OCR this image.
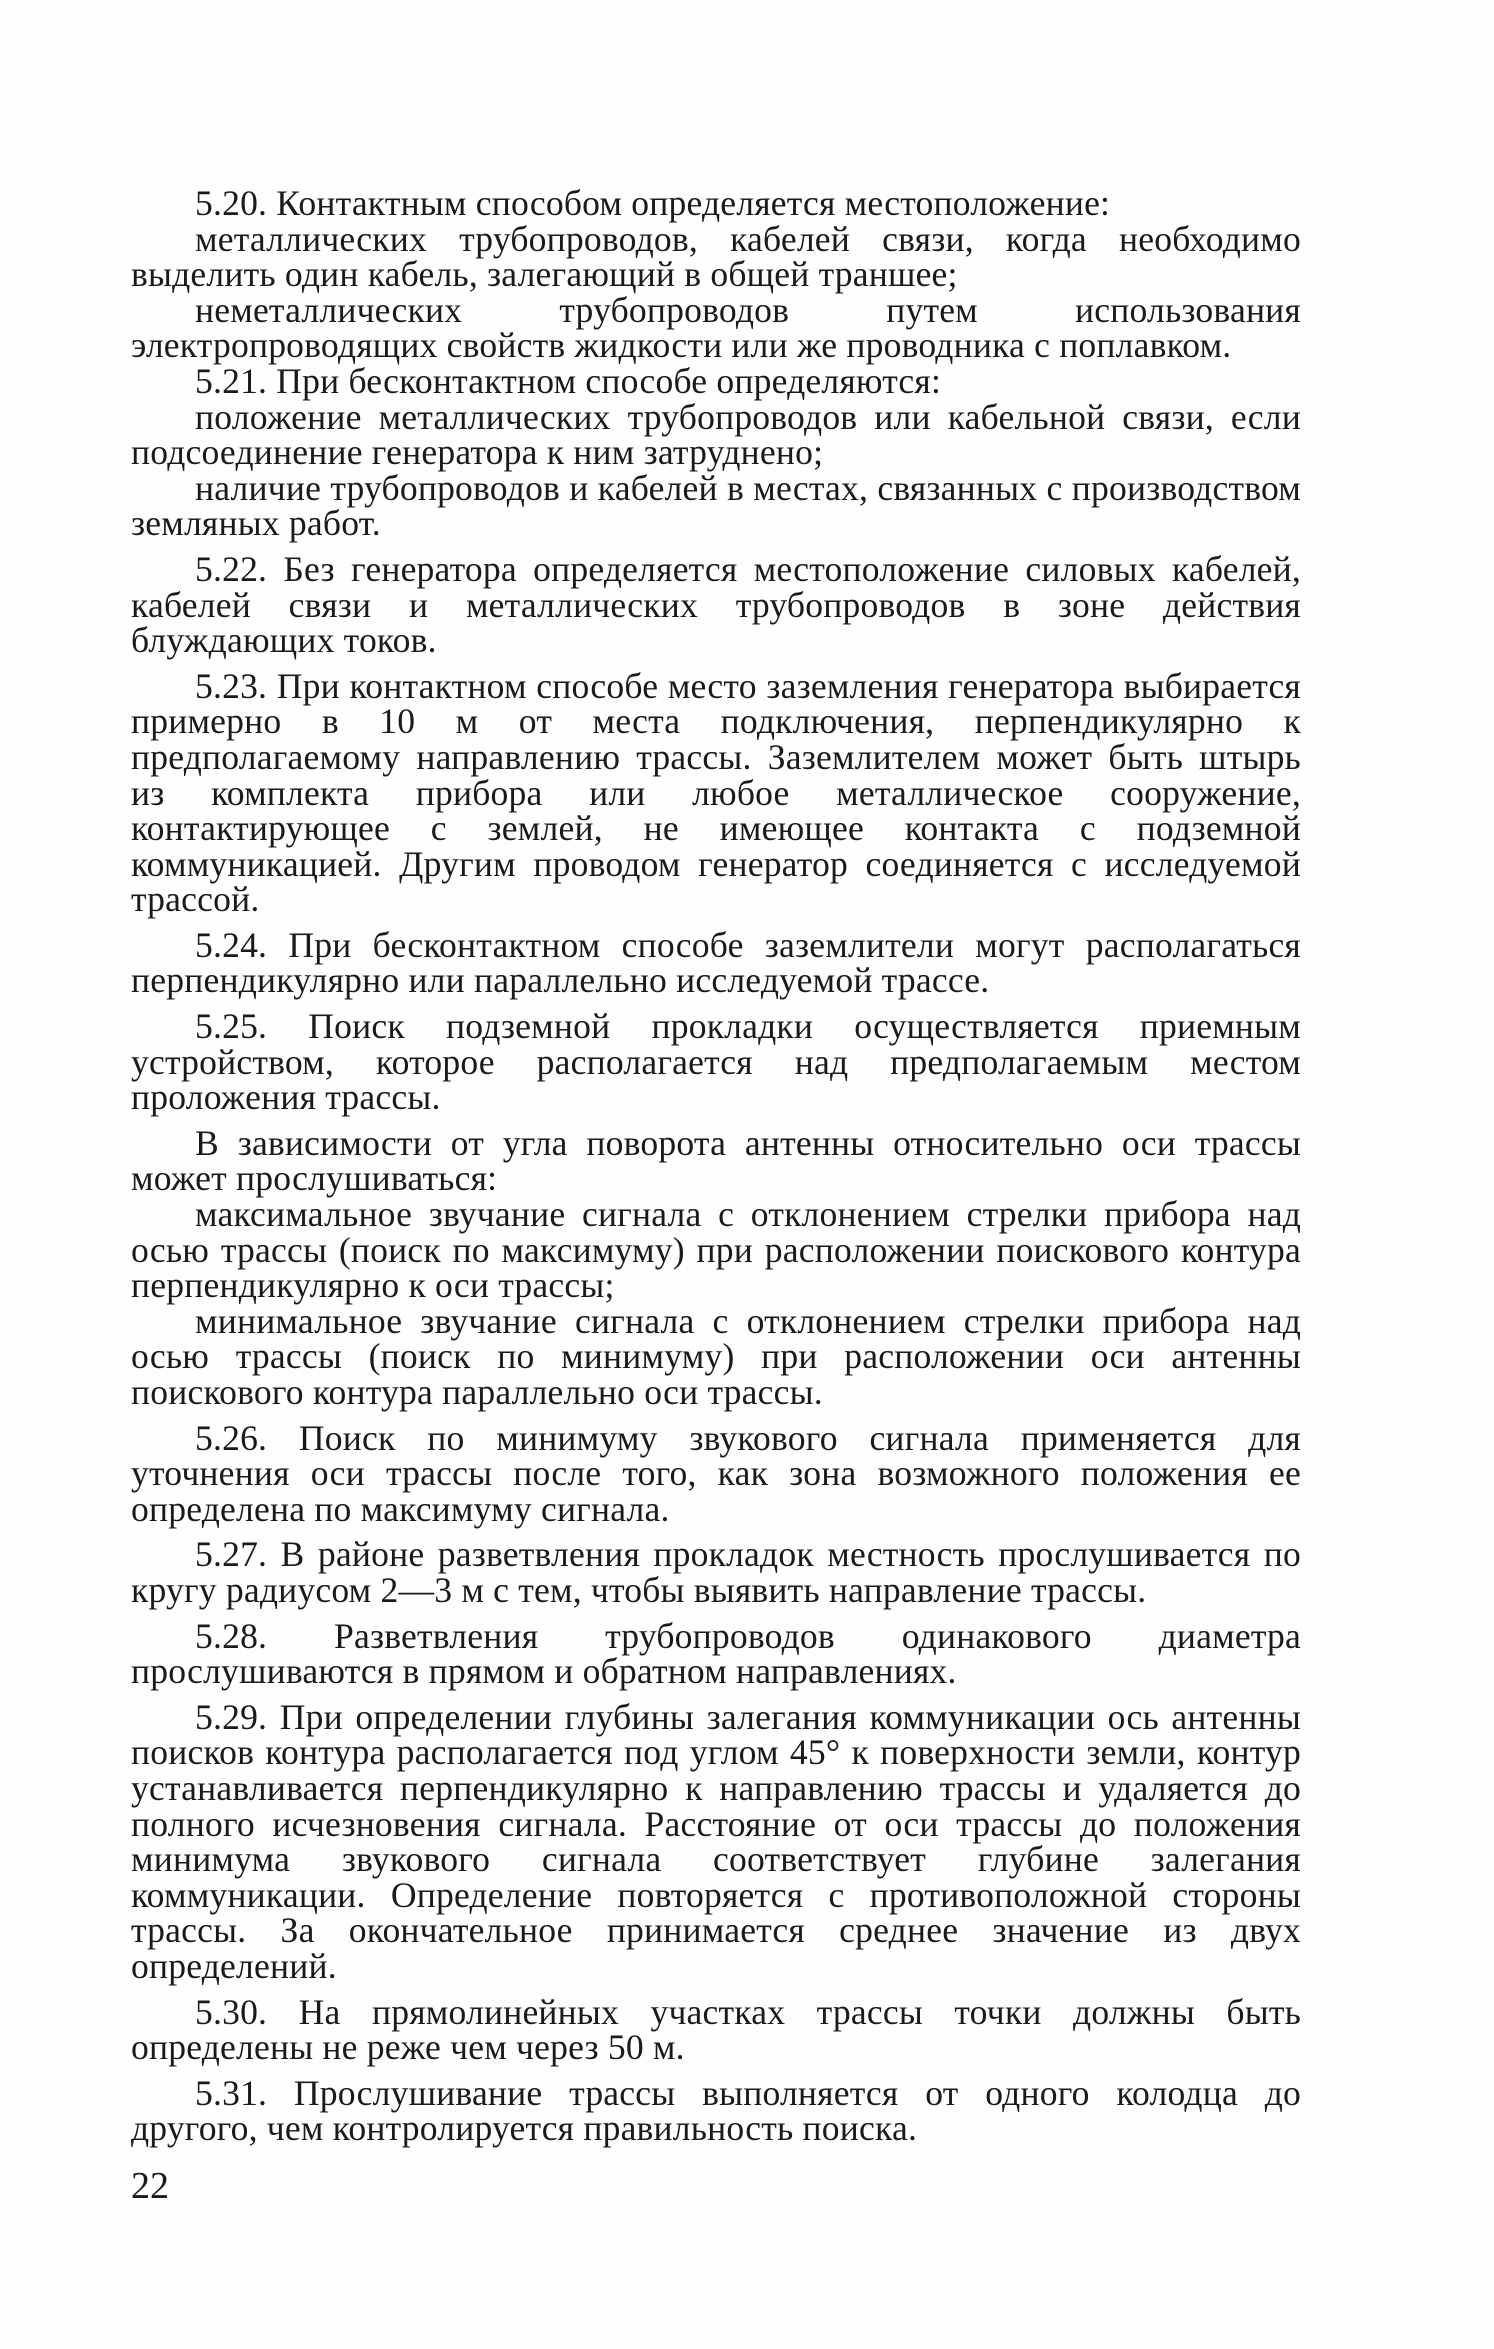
5.20. Контактным способом определяется местоположение:

металлических трубопроводов, кабелей связи, когда необходимо выделить один кабель, залегающий в общей траншее;

неметаллических трубопроводов путем использования электропроводящих свойств жидкости или же проводника с поплавком.

5.21. При бесконтактном способе определяются:

положение металлических трубопроводов или кабельной связи, если подсоединение генератора к ним затруднено;

наличие трубопроводов и кабелей в местах, связанных с производством земляных работ.

5.22. Без генератора определяется местоположение силовых кабелей, кабелей связи и металлических трубопроводов в зоне действия блуждающих токов.

5.23. При контактном способе место заземления генератора выбирается примерно в 10 м от места подключения, перпендикулярно к предполагаемому направлению трассы. Заземлителем может быть штырь из комплекта прибора или любое металлическое сооружение, контактирующее с землей, не имеющее контакта с подземной коммуникацией. Другим проводом генератор соединяется с исследуемой трассой.

5.24. При бесконтактном способе заземлители могут располагаться перпендикулярно или параллельно исследуемой трассе.

5.25. Поиск подземной прокладки осуществляется приемным устройством, которое располагается над предполагаемым местом проложения трассы.

В зависимости от угла поворота антенны относительно оси трассы может прослушиваться:

максимальное звучание сигнала с отклонением стрелки прибора над осью трассы (поиск по максимуму) при расположении поискового контура перпендикулярно к оси трассы;

минимальное звучание сигнала с отклонением стрелки прибора над осью трассы (поиск по минимуму) при расположении оси антенны поискового контура параллельно оси трассы.

5.26. Поиск по минимуму звукового сигнала применяется для уточнения оси трассы после того, как зона возможного положения ее определена по максимуму сигнала.

5.27. В районе разветвления прокладок местность прослушивается по кругу радиусом 2—3 м с тем, чтобы выявить направление трассы.

5.28. Разветвления трубопроводов одинакового диаметра прослушиваются в прямом и обратном направлениях.

5.29. При определении глубины залегания коммуникации ось антенны поисков контура располагается под углом 45° к поверхности земли, контур устанавливается перпендикулярно к направлению трассы и удаляется до полного исчезновения сигнала. Расстояние от оси трассы до положения минимума звукового сигнала соответствует глубине залегания коммуникации. Определение повторяется с противоположной стороны трассы. За окончательное принимается среднее значение из двух определений.

5.30. На прямолинейных участках трассы точки должны быть определены не реже чем через 50 м.

5.31. Прослушивание трассы выполняется от одного колодца до другого, чем контролируется правильность поиска.

22
